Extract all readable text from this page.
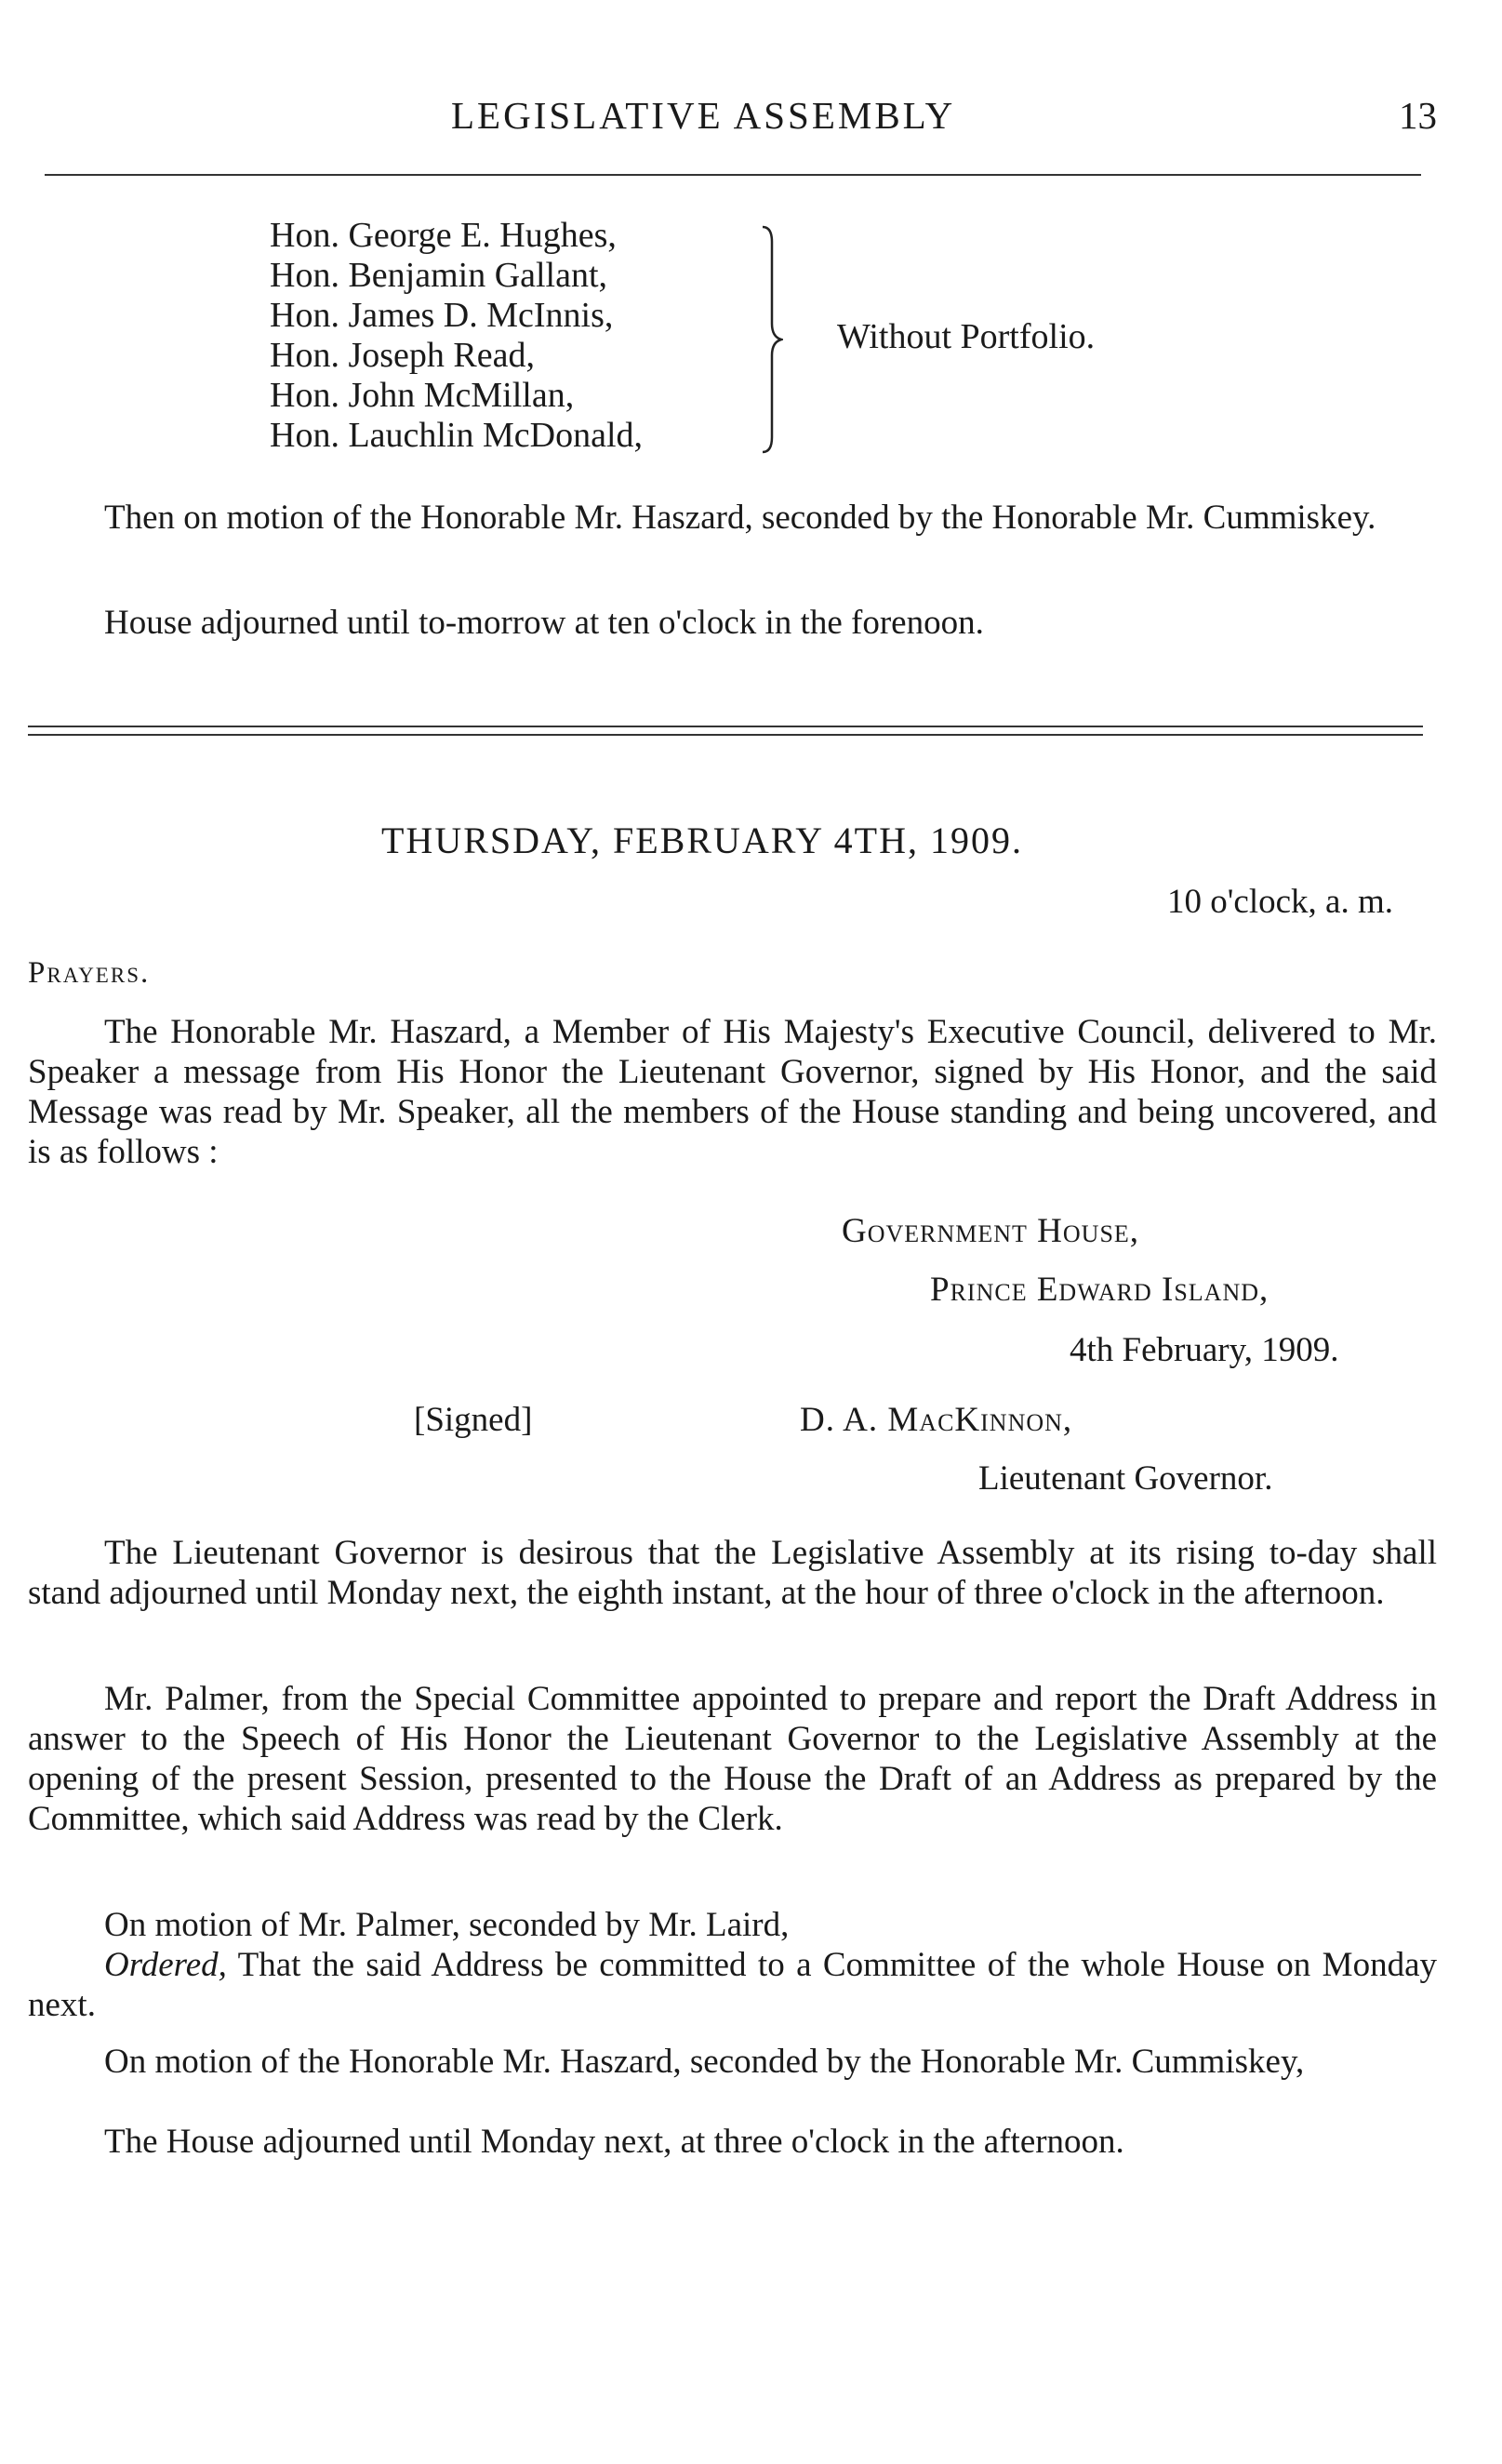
LEGISLATIVE ASSEMBLY	13
Hon. George E. Hughes,
Hon. Benjamin Gallant,
Hon. James D. McInnis,
Hon. Joseph Read,
Hon. John McMillan,
Hon. Lauchlin McDonald,
Without Portfolio.
Then on motion of the Honorable Mr. Haszard, seconded by the Honorable Mr. Cummiskey.
House adjourned until to-morrow at ten o'clock in the forenoon.
THURSDAY, FEBRUARY 4TH, 1909.
10 o'clock, a. m.
Prayers.
The Honorable Mr. Haszard, a Member of His Majesty's Executive Council, delivered to Mr. Speaker a message from His Honor the Lieutenant Governor, signed by His Honor, and the said Message was read by Mr. Speaker, all the members of the House standing and being uncovered, and is as follows :
Government House,
Prince Edward Island,
4th February, 1909.
[Signed]	D. A. MacKinnon,
Lieutenant Governor.
The Lieutenant Governor is desirous that the Legislative Assembly at its rising to-day shall stand adjourned until Monday next, the eighth instant, at the hour of three o'clock in the afternoon.
Mr. Palmer, from the Special Committee appointed to prepare and report the Draft Address in answer to the Speech of His Honor the Lieutenant Governor to the Legislative Assembly at the opening of the present Session, presented to the House the Draft of an Address as prepared by the Committee, which said Address was read by the Clerk.
On motion of Mr. Palmer, seconded by Mr. Laird,
Ordered, That the said Address be committed to a Committee of the whole House on Monday next.
On motion of the Honorable Mr. Haszard, seconded by the Honorable Mr. Cummiskey,
The House adjourned until Monday next, at three o'clock in the afternoon.
